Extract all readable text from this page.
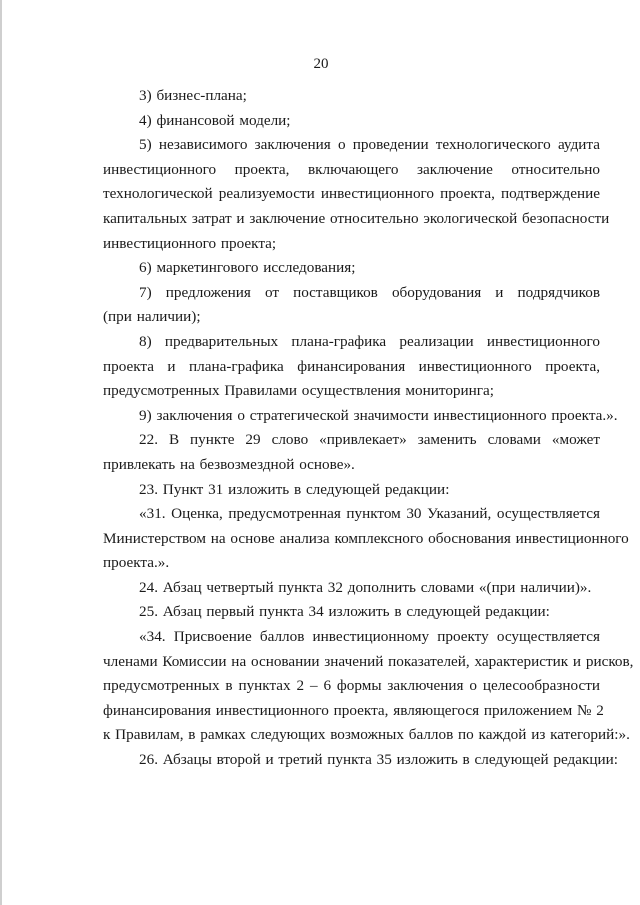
20
3) бизнес-плана;
4) финансовой модели;
5) независимого заключения о проведении технологического аудита
инвестиционного проекта, включающего заключение относительно
технологической реализуемости инвестиционного проекта, подтверждение
капитальных затрат и заключение относительно экологической безопасности
инвестиционного проекта;
6) маркетингового исследования;
7) предложения от поставщиков оборудования и подрядчиков
(при наличии);
8) предварительных плана-графика реализации инвестиционного
проекта и плана-графика финансирования инвестиционного проекта,
предусмотренных Правилами осуществления мониторинга;
9) заключения о стратегической значимости инвестиционного проекта.».
22. В пункте 29 слово «привлекает» заменить словами «может
привлекать на безвозмездной основе».
23. Пункт 31 изложить в следующей редакции:
«31. Оценка, предусмотренная пунктом 30 Указаний, осуществляется
Министерством на основе анализа комплексного обоснования инвестиционного
проекта.».
24. Абзац четвертый пункта 32 дополнить словами «(при наличии)».
25. Абзац первый пункта 34 изложить в следующей редакции:
«34. Присвоение баллов инвестиционному проекту осуществляется
членами Комиссии на основании значений показателей, характеристик и рисков,
предусмотренных в пунктах 2 – 6 формы заключения о целесообразности
финансирования инвестиционного проекта, являющегося приложением № 2
к Правилам, в рамках следующих возможных баллов по каждой из категорий:».
26. Абзацы второй и третий пункта 35 изложить в следующей редакции:
